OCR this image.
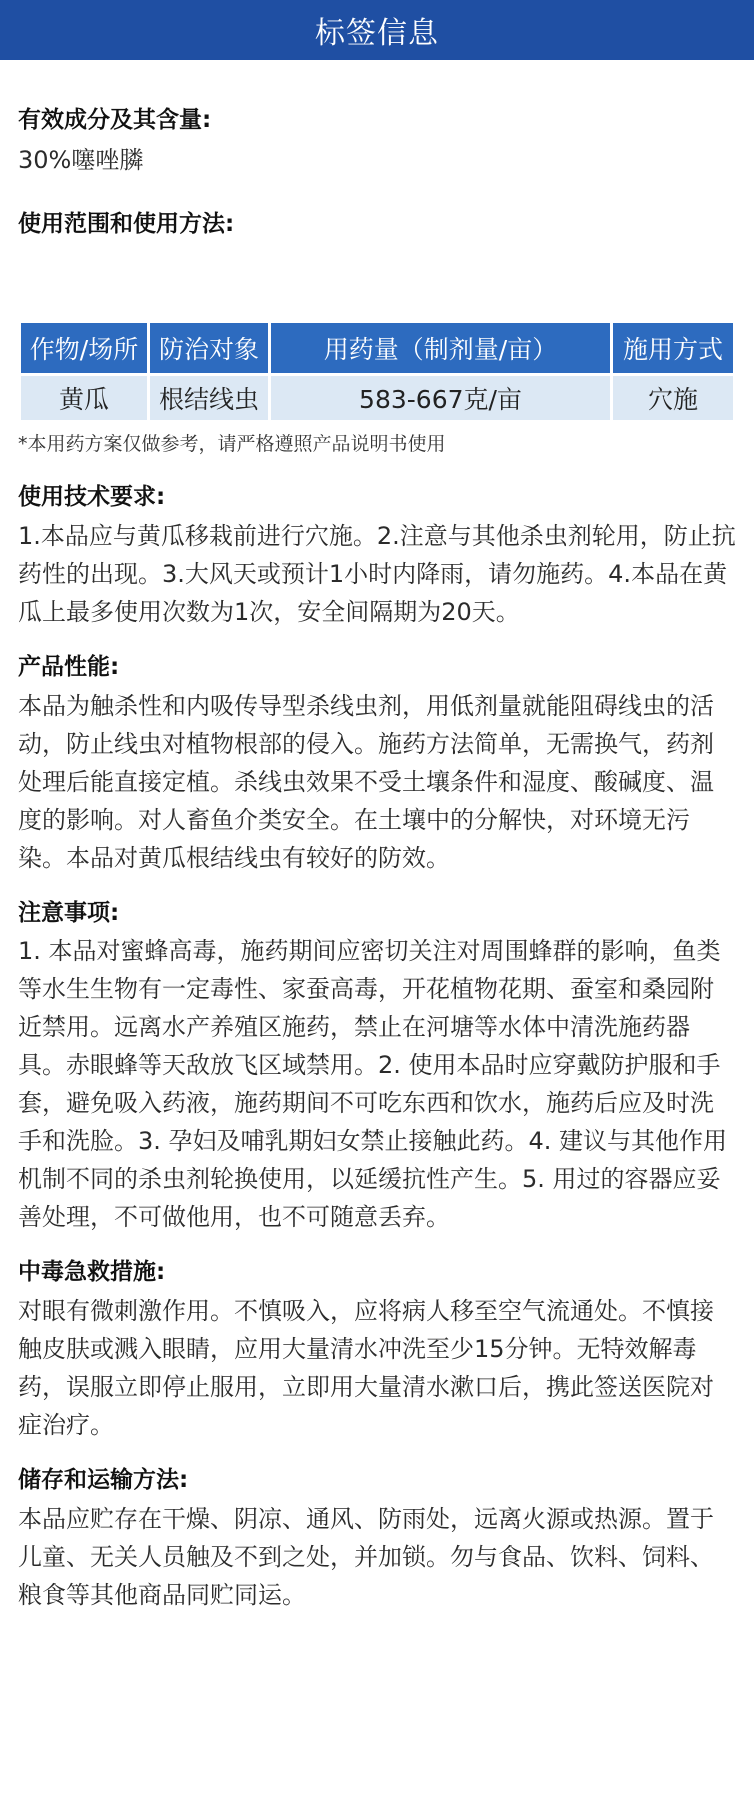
标签信息
有效成分及其含量:

30%噻唑膦

使用范围和使用方法:
作物/场所	防治对象	用药量（制剂量/亩）	施用方式
黄瓜	根结线虫	583-667克/亩	穴施
*本用药方案仅做参考，请严格遵照产品说明书使用
使用技术要求:

1.本品应与黄瓜移栽前进行穴施。2.注意与其他杀虫剂轮用，防止抗药性的出现。3.大风天或预计1小时内降雨，请勿施药。4.本品在黄瓜上最多使用次数为1次，安全间隔期为20天。

产品性能:

本品为触杀性和内吸传导型杀线虫剂，用低剂量就能阻碍线虫的活动，防止线虫对植物根部的侵入。施药方法简单，无需换气，药剂处理后能直接定植。杀线虫效果不受土壤条件和湿度、酸碱度、温度的影响。对人畜鱼介类安全。在土壤中的分解快，对环境无污染。本品对黄瓜根结线虫有较好的防效。

注意事项:

1. 本品对蜜蜂高毒，施药期间应密切关注对周围蜂群的影响，鱼类等水生生物有一定毒性、家蚕高毒，开花植物花期、蚕室和桑园附近禁用。远离水产养殖区施药，禁止在河塘等水体中清洗施药器具。赤眼蜂等天敌放飞区域禁用。2. 使用本品时应穿戴防护服和手套，避免吸入药液，施药期间不可吃东西和饮水，施药后应及时洗手和洗脸。3. 孕妇及哺乳期妇女禁止接触此药。4. 建议与其他作用机制不同的杀虫剂轮换使用，以延缓抗性产生。5. 用过的容器应妥善处理，不可做他用，也不可随意丢弃。

中毒急救措施:

对眼有微刺激作用。不慎吸入，应将病人移至空气流通处。不慎接触皮肤或溅入眼睛，应用大量清水冲洗至少15分钟。无特效解毒药，误服立即停止服用，立即用大量清水漱口后，携此签送医院对症治疗。

储存和运输方法:

本品应贮存在干燥、阴凉、通风、防雨处，远离火源或热源。置于儿童、无关人员触及不到之处，并加锁。勿与食品、饮料、饲料、粮食等其他商品同贮同运。
